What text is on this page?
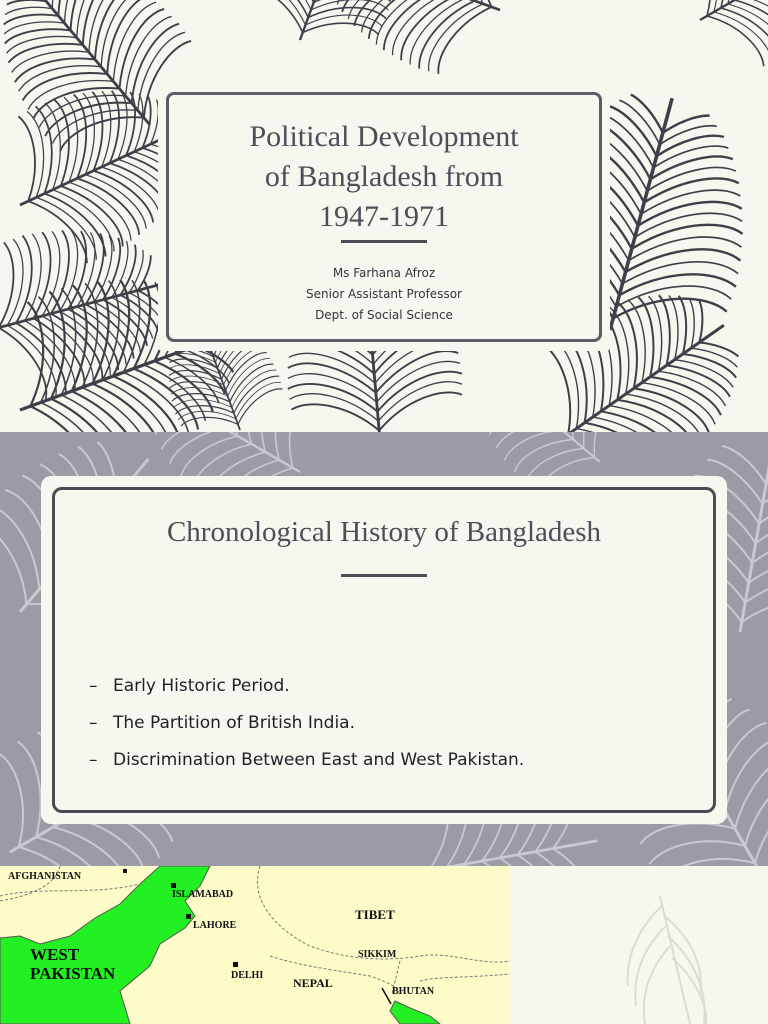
Political Development
of Bangladesh from
1947-1971
Ms Farhana Afroz
Senior Assistant Professor
Dept. of Social Science
Chronological History of Bangladesh
– Early Historic Period.
– The Partition of British India.
– Discrimination Between East and West Pakistan.
AFGHANISTAN
ISLAMABAD
LAHORE
TIBET
WEST
PAKISTAN	DELHI
NEPAL
SIKKIM
BHUTAN
